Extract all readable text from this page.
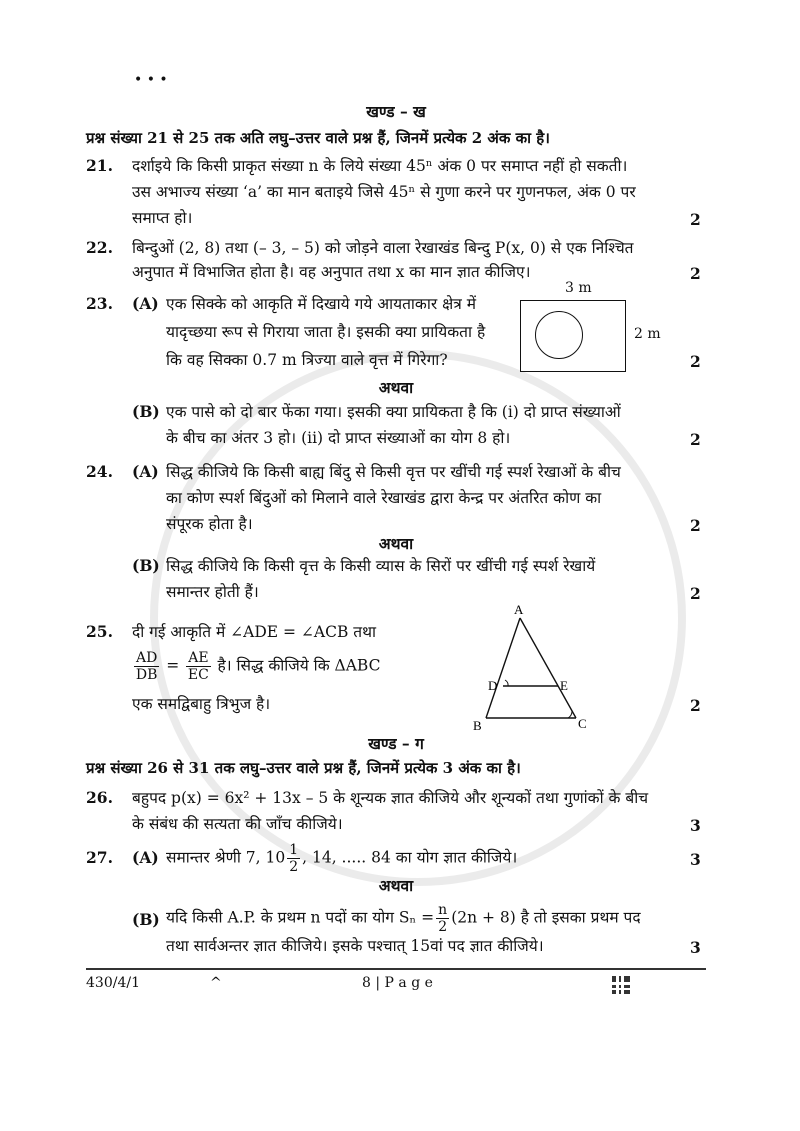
• • •
खण्ड – ख
प्रश्न संख्या 21 से 25 तक अति लघु–उत्तर वाले प्रश्न हैं, जिनमें प्रत्येक 2 अंक का है।
21. दर्शाइये कि किसी प्राकृत संख्या n के लिये संख्या 45ⁿ अंक 0 पर समाप्त नहीं हो सकती।
उस अभाज्य संख्या ‘a’ का मान बताइये जिसे 45ⁿ से गुणा करने पर गुणनफल, अंक 0 पर
समाप्त हो।	2
22. बिन्दुओं (2, 8) तथा (– 3, – 5) को जोड़ने वाला रेखाखंड बिन्दु P(x, 0) से एक निश्चित
अनुपात में विभाजित होता है। वह अनुपात तथा x का मान ज्ञात कीजिए।	2
23. (A) एक सिक्के को आकृति में दिखाये गये आयताकार क्षेत्र में
यादृच्छया रूप से गिराया जाता है। इसकी क्या प्रायिकता है
कि वह सिक्का 0.7 m त्रिज्या वाले वृत्त में गिरेगा?
3 m
2 m
2
अथवा
(B) एक पासे को दो बार फेंका गया। इसकी क्या प्रायिकता है कि (i) दो प्राप्त संख्याओं
के बीच का अंतर 3 हो। (ii) दो प्राप्त संख्याओं का योग 8 हो।	2
24. (A) सिद्ध कीजिये कि किसी बाह्य बिंदु से किसी वृत्त पर खींची गई स्पर्श रेखाओं के बीच
का कोण स्पर्श बिंदुओं को मिलाने वाले रेखाखंड द्वारा केन्द्र पर अंतरित कोण का
संपूरक होता है।	2
अथवा
(B) सिद्ध कीजिये कि किसी वृत्त के किसी व्यास के सिरों पर खींची गई स्पर्श रेखायें
समान्तर होती हैं।	2
25. दी गई आकृति में ∠ADE = ∠ACB तथा
$\frac{AD}{DB} = \frac{AE}{EC}$ है। सिद्ध कीजिये कि ΔABC
एक समद्विबाहु त्रिभुज है।	2
A
B	C
D	E
खण्ड – ग
प्रश्न संख्या 26 से 31 तक लघु–उत्तर वाले प्रश्न हैं, जिनमें प्रत्येक 3 अंक का है।
26. बहुपद p(x) = 6x² + 13x – 5 के शून्यक ज्ञात कीजिये और शून्यकों तथा गुणांकों के बीच
के संबंध की सत्यता की जाँच कीजिये।	3
27. (A) समान्तर श्रेणी 7, $10 \frac{1}{2}$ , 14, ..... 84 का योग ज्ञात कीजिये।	3
अथवा
(B) यदि किसी A.P. के प्रथम n पदों का योग $S_n = \frac{n}{2} (2n + 8)$ है तो इसका प्रथम पद
तथा सार्वअन्तर ज्ञात कीजिये। इसके पश्चात् 15वां पद ज्ञात कीजिये।	3
430/4/1	^	8 | P a g e
